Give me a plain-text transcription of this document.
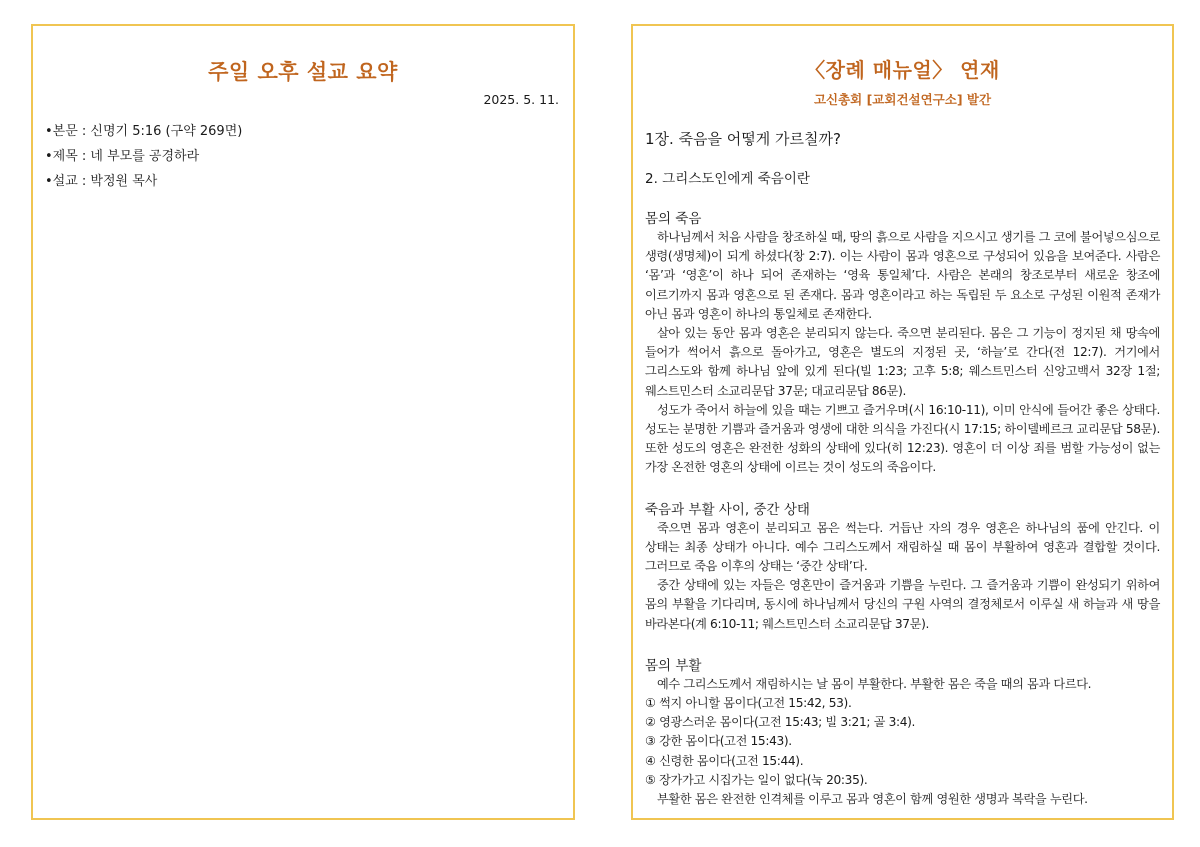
주일 오후 설교 요약
2025. 5. 11.
•본문 : 신명기 5:16 (구약 269면)
•제목 : 네 부모를 공경하라
•설교 : 박정원 목사
〈장례 매뉴얼〉 연재
고신총회 [교회건설연구소] 발간
1장. 죽음을 어떻게 가르칠까?
2. 그리스도인에게 죽음이란
몸의 죽음

하나님께서 처음 사람을 창조하실 때, 땅의 흙으로 사람을 지으시고 생기를 그 코에 불어넣으심으로 생령(생명체)이 되게 하셨다(창 2:7). 이는 사람이 몸과 영혼으로 구성되어 있음을 보여준다. 사람은 ‘몸’과 ‘영혼’이 하나 되어 존재하는 ‘영육 통일체’다. 사람은 본래의 창조로부터 새로운 창조에 이르기까지 몸과 영혼으로 된 존재다. 몸과 영혼이라고 하는 독립된 두 요소로 구성된 이원적 존재가 아닌 몸과 영혼이 하나의 통일체로 존재한다.

살아 있는 동안 몸과 영혼은 분리되지 않는다. 죽으면 분리된다. 몸은 그 기능이 정지된 채 땅속에 들어가 썩어서 흙으로 돌아가고, 영혼은 별도의 지정된 곳, ‘하늘’로 간다(전 12:7). 거기에서 그리스도와 함께 하나님 앞에 있게 된다(빌 1:23; 고후 5:8; 웨스트민스터 신앙고백서 32장 1절; 웨스트민스터 소교리문답 37문; 대교리문답 86문).

성도가 죽어서 하늘에 있을 때는 기쁘고 즐거우며(시 16:10-11), 이미 안식에 들어간 좋은 상태다. 성도는 분명한 기쁨과 즐거움과 영생에 대한 의식을 가진다(시 17:15; 하이델베르크 교리문답 58문). 또한 성도의 영혼은 완전한 성화의 상태에 있다(히 12:23). 영혼이 더 이상 죄를 범할 가능성이 없는 가장 온전한 영혼의 상태에 이르는 것이 성도의 죽음이다.

죽음과 부활 사이, 중간 상태

죽으면 몸과 영혼이 분리되고 몸은 썩는다. 거듭난 자의 경우 영혼은 하나님의 품에 안긴다. 이 상태는 최종 상태가 아니다. 예수 그리스도께서 재림하실 때 몸이 부활하여 영혼과 결합할 것이다. 그러므로 죽음 이후의 상태는 ‘중간 상태’다.

중간 상태에 있는 자들은 영혼만이 즐거움과 기쁨을 누린다. 그 즐거움과 기쁨이 완성되기 위하여 몸의 부활을 기다리며, 동시에 하나님께서 당신의 구원 사역의 결정체로서 이루실 새 하늘과 새 땅을 바라본다(계 6:10-11; 웨스트민스터 소교리문답 37문).

몸의 부활

예수 그리스도께서 재림하시는 날 몸이 부활한다. 부활한 몸은 죽을 때의 몸과 다르다.

① 썩지 아니할 몸이다(고전 15:42, 53).
② 영광스러운 몸이다(고전 15:43; 빌 3:21; 골 3:4).
③ 강한 몸이다(고전 15:43).
④ 신령한 몸이다(고전 15:44).
⑤ 장가가고 시집가는 일이 없다(눅 20:35).

부활한 몸은 완전한 인격체를 이루고 몸과 영혼이 함께 영원한 생명과 복락을 누린다.
